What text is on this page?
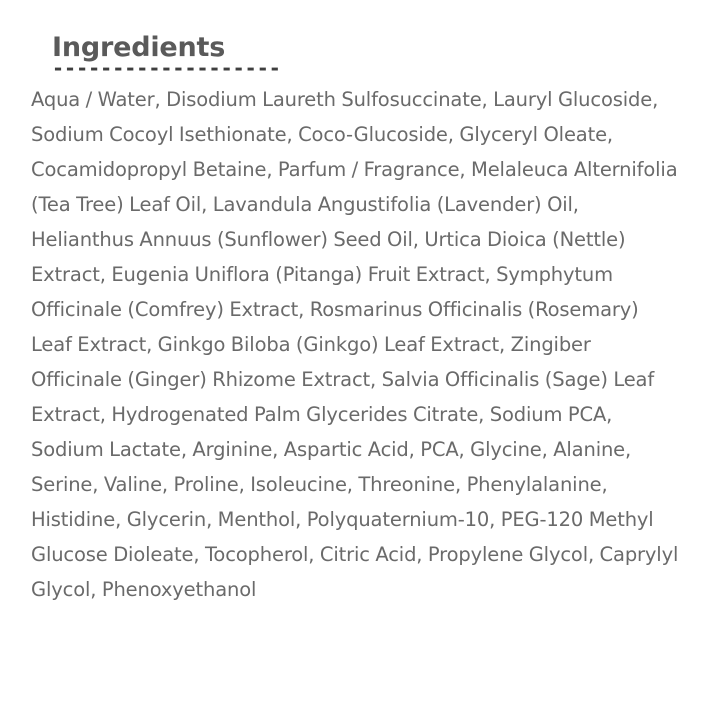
Ingredients
-------------------
Aqua / Water, Disodium Laureth Sulfosuccinate, Lauryl Glucoside, Sodium Cocoyl Isethionate, Coco-Glucoside, Glyceryl Oleate, Cocamidopropyl Betaine, Parfum / Fragrance, Melaleuca Alternifolia (Tea Tree) Leaf Oil, Lavandula Angustifolia (Lavender) Oil, Helianthus Annuus (Sunflower) Seed Oil, Urtica Dioica (Nettle) Extract, Eugenia Uniflora (Pitanga) Fruit Extract, Symphytum Officinale (Comfrey) Extract, Rosmarinus Officinalis (Rosemary) Leaf Extract, Ginkgo Biloba (Ginkgo) Leaf Extract, Zingiber Officinale (Ginger) Rhizome Extract, Salvia Officinalis (Sage) Leaf Extract, Hydrogenated Palm Glycerides Citrate, Sodium PCA, Sodium Lactate, Arginine, Aspartic Acid, PCA, Glycine, Alanine, Serine, Valine, Proline, Isoleucine, Threonine, Phenylalanine, Histidine, Glycerin, Menthol, Polyquaternium-10, PEG-120 Methyl Glucose Dioleate, Tocopherol, Citric Acid, Propylene Glycol, Caprylyl Glycol, Phenoxyethanol
